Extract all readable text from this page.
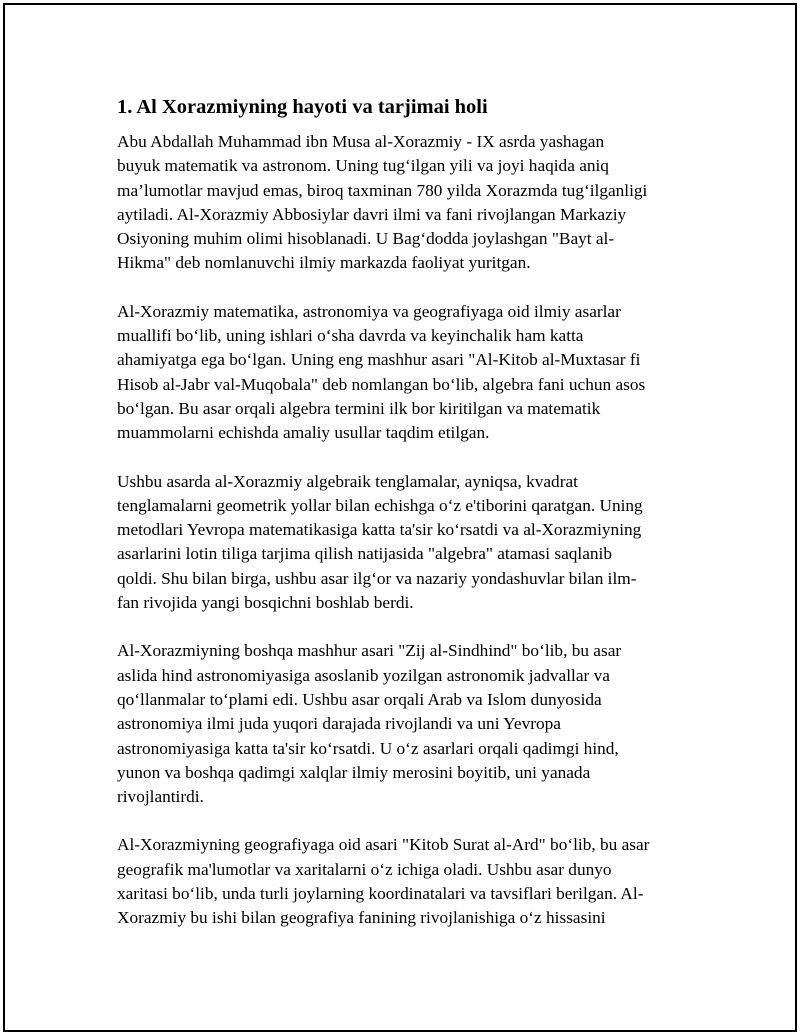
1. Al Xorazmiyning hayoti va tarjimai holi
Abu Abdallah Muhammad ibn Musa al-Xorazmiy - IX asrda yashagan
buyuk matematik va astronom. Uning tug‘ilgan yili va joyi haqida aniq
ma’lumotlar mavjud emas, biroq taxminan 780 yilda Xorazmda tug‘ilganligi
aytiladi. Al-Xorazmiy Abbosiylar davri ilmi va fani rivojlangan Markaziy
Osiyoning muhim olimi hisoblanadi. U Bag‘dodda joylashgan "Bayt al-
Hikma" deb nomlanuvchi ilmiy markazda faoliyat yuritgan.
Al-Xorazmiy matematika, astronomiya va geografiyaga oid ilmiy asarlar
muallifi bo‘lib, uning ishlari o‘sha davrda va keyinchalik ham katta
ahamiyatga ega bo‘lgan. Uning eng mashhur asari "Al-Kitob al-Muxtasar fi
Hisob al-Jabr val-Muqobala" deb nomlangan bo‘lib, algebra fani uchun asos
bo‘lgan. Bu asar orqali algebra termini ilk bor kiritilgan va matematik
muammolarni echishda amaliy usullar taqdim etilgan.
Ushbu asarda al-Xorazmiy algebraik tenglamalar, ayniqsa, kvadrat
tenglamalarni geometrik yollar bilan echishga o‘z e'tiborini qaratgan. Uning
metodlari Yevropa matematikasiga katta ta'sir ko‘rsatdi va al-Xorazmiyning
asarlarini lotin tiliga tarjima qilish natijasida "algebra" atamasi saqlanib
qoldi. Shu bilan birga, ushbu asar ilg‘or va nazariy yondashuvlar bilan ilm-
fan rivojida yangi bosqichni boshlab berdi.
Al-Xorazmiyning boshqa mashhur asari "Zij al-Sindhind" bo‘lib, bu asar
aslida hind astronomiyasiga asoslanib yozilgan astronomik jadvallar va
qo‘llanmalar to‘plami edi. Ushbu asar orqali Arab va Islom dunyosida
astronomiya ilmi juda yuqori darajada rivojlandi va uni Yevropa
astronomiyasiga katta ta'sir ko‘rsatdi. U o‘z asarlari orqali qadimgi hind,
yunon va boshqa qadimgi xalqlar ilmiy merosini boyitib, uni yanada
rivojlantirdi.
Al-Xorazmiyning geografiyaga oid asari "Kitob Surat al-Ard" bo‘lib, bu asar
geografik ma'lumotlar va xaritalarni o‘z ichiga oladi. Ushbu asar dunyo
xaritasi bo‘lib, unda turli joylarning koordinatalari va tavsiflari berilgan. Al-
Xorazmiy bu ishi bilan geografiya fanining rivojlanishiga o‘z hissasini
